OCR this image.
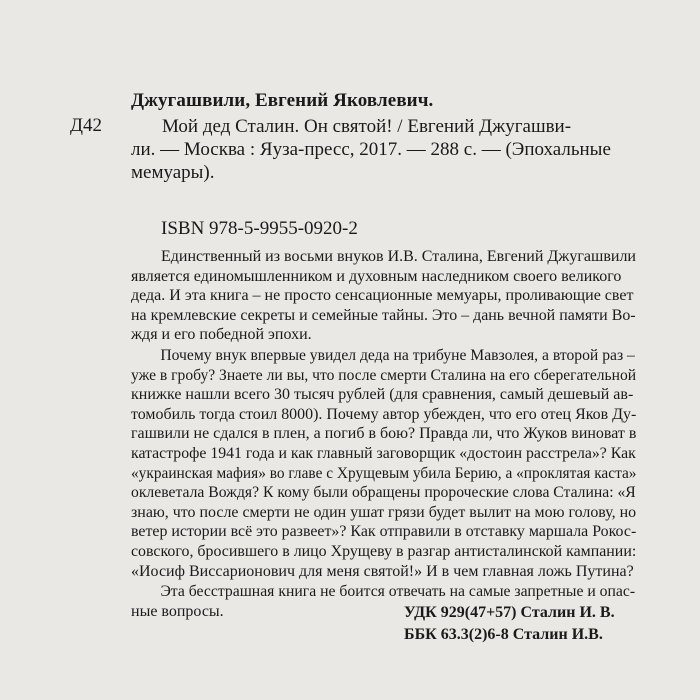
Джугашвили, Евгений Яковлевич.
Д42	Мой дед Сталин. Он святой! / Евгений Джугашви-
ли. — Москва : Яуза-пресс, 2017. — 288 с. — (Эпохальные
мемуары).
ISBN 978-5-9955-0920-2
Единственный из восьми внуков И.В. Сталина, Евгений Джугашвили
является единомышленником и духовным наследником своего великого
деда. И эта книга – не просто сенсационные мемуары, проливающие свет
на кремлевские секреты и семейные тайны. Это – дань вечной памяти Во-
ждя и его победной эпохи.
Почему внук впервые увидел деда на трибуне Мавзолея, а второй раз –
уже в гробу? Знаете ли вы, что после смерти Сталина на его сберегательной
книжке нашли всего 30 тысяч рублей (для сравнения, самый дешевый ав-
томобиль тогда стоил 8000). Почему автор убежден, что его отец Яков Ду-
гашвили не сдался в плен, а погиб в бою? Правда ли, что Жуков виноват в
катастрофе 1941 года и как главный заговорщик «достоин расстрела»? Как
«украинская мафия» во главе с Хрущевым убила Берию, а «проклятая каста»
оклеветала Вождя? К кому были обращены пророческие слова Сталина: «Я
знаю, что после смерти не один ушат грязи будет вылит на мою голову, но
ветер истории всё это развеет»? Как отправили в отставку маршала Рокос-
совского, бросившего в лицо Хрущеву в разгар антисталинской кампании:
«Иосиф Виссарионович для меня святой!» И в чем главная ложь Путина?
Эта бесстрашная книга не боится отвечать на самые запретные и опас-
ные вопросы.	УДК 929(47+57) Сталин И. В.
ББК 63.3(2)6-8 Сталин И.В.
